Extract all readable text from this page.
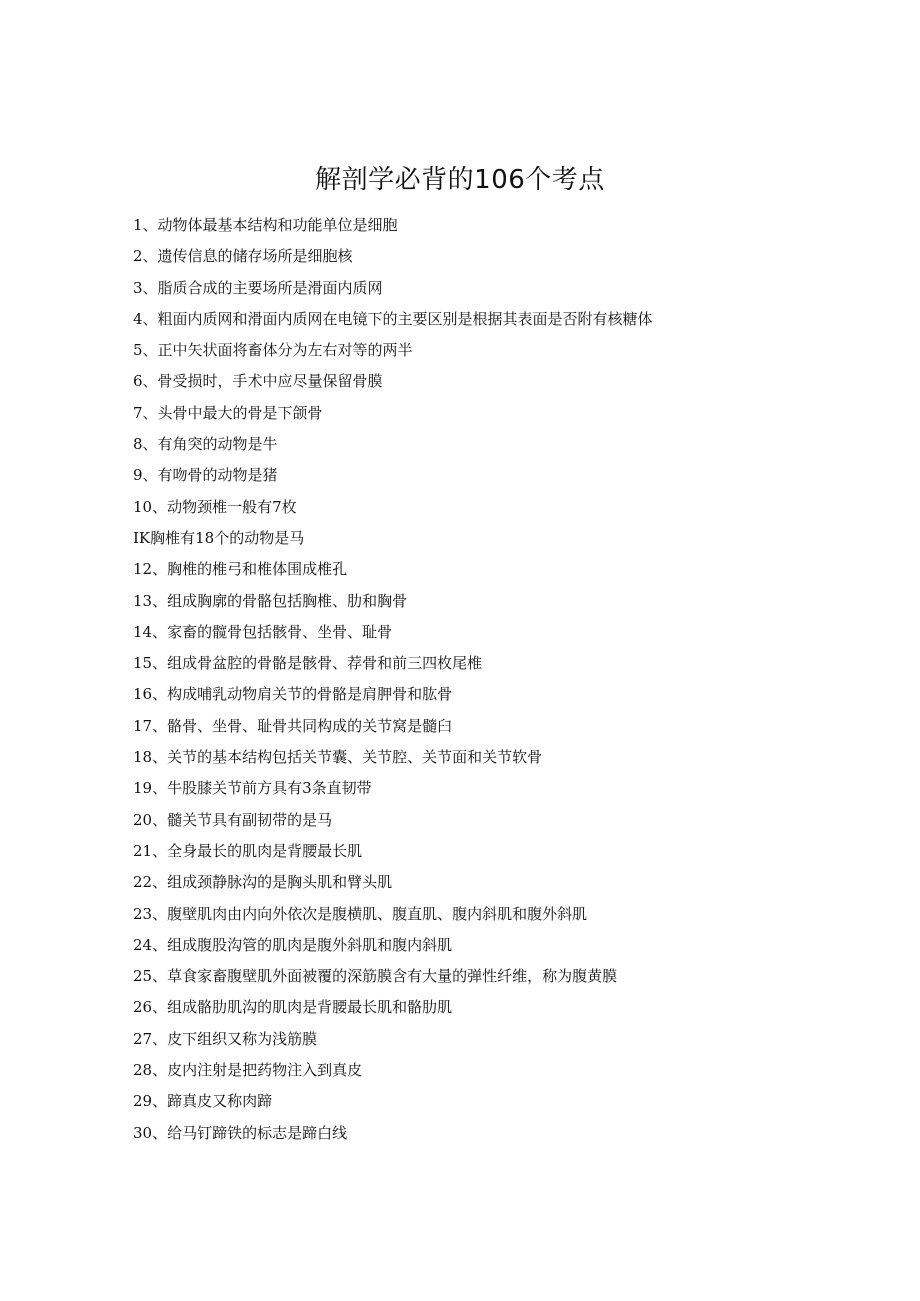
解剖学必背的106个考点
1、动物体最基本结构和功能单位是细胞
2、遗传信息的储存场所是细胞核
3、脂质合成的主要场所是滑面内质网
4、粗面内质网和滑面内质网在电镜下的主要区别是根据其表面是否附有核糖体
5、正中矢状面将畜体分为左右对等的两半
6、骨受损时，手术中应尽量保留骨膜
7、头骨中最大的骨是下颌骨
8、有角突的动物是牛
9、有吻骨的动物是猪
10、动物颈椎一般有7枚
IK胸椎有18个的动物是马
12、胸椎的椎弓和椎体围成椎孔
13、组成胸廓的骨骼包括胸椎、肋和胸骨
14、家畜的髋骨包括骸骨、坐骨、耻骨
15、组成骨盆腔的骨骼是骸骨、荐骨和前三四枚尾椎
16、构成哺乳动物肩关节的骨骼是肩胛骨和肱骨
17、骼骨、坐骨、耻骨共同构成的关节窝是髓臼
18、关节的基本结构包括关节囊、关节腔、关节面和关节软骨
19、牛股膝关节前方具有3条直韧带
20、髓关节具有副韧带的是马
21、全身最长的肌肉是背腰最长肌
22、组成颈静脉沟的是胸头肌和臂头肌
23、腹壁肌肉由内向外依次是腹横肌、腹直肌、腹内斜肌和腹外斜肌
24、组成腹股沟管的肌肉是腹外斜肌和腹内斜肌
25、草食家畜腹壁肌外面被覆的深筋膜含有大量的弹性纤维，称为腹黄膜
26、组成骼肋肌沟的肌肉是背腰最长肌和骼肋肌
27、皮下组织又称为浅筋膜
28、皮内注射是把药物注入到真皮
29、蹄真皮又称肉蹄
30、给马钉蹄铁的标志是蹄白线
